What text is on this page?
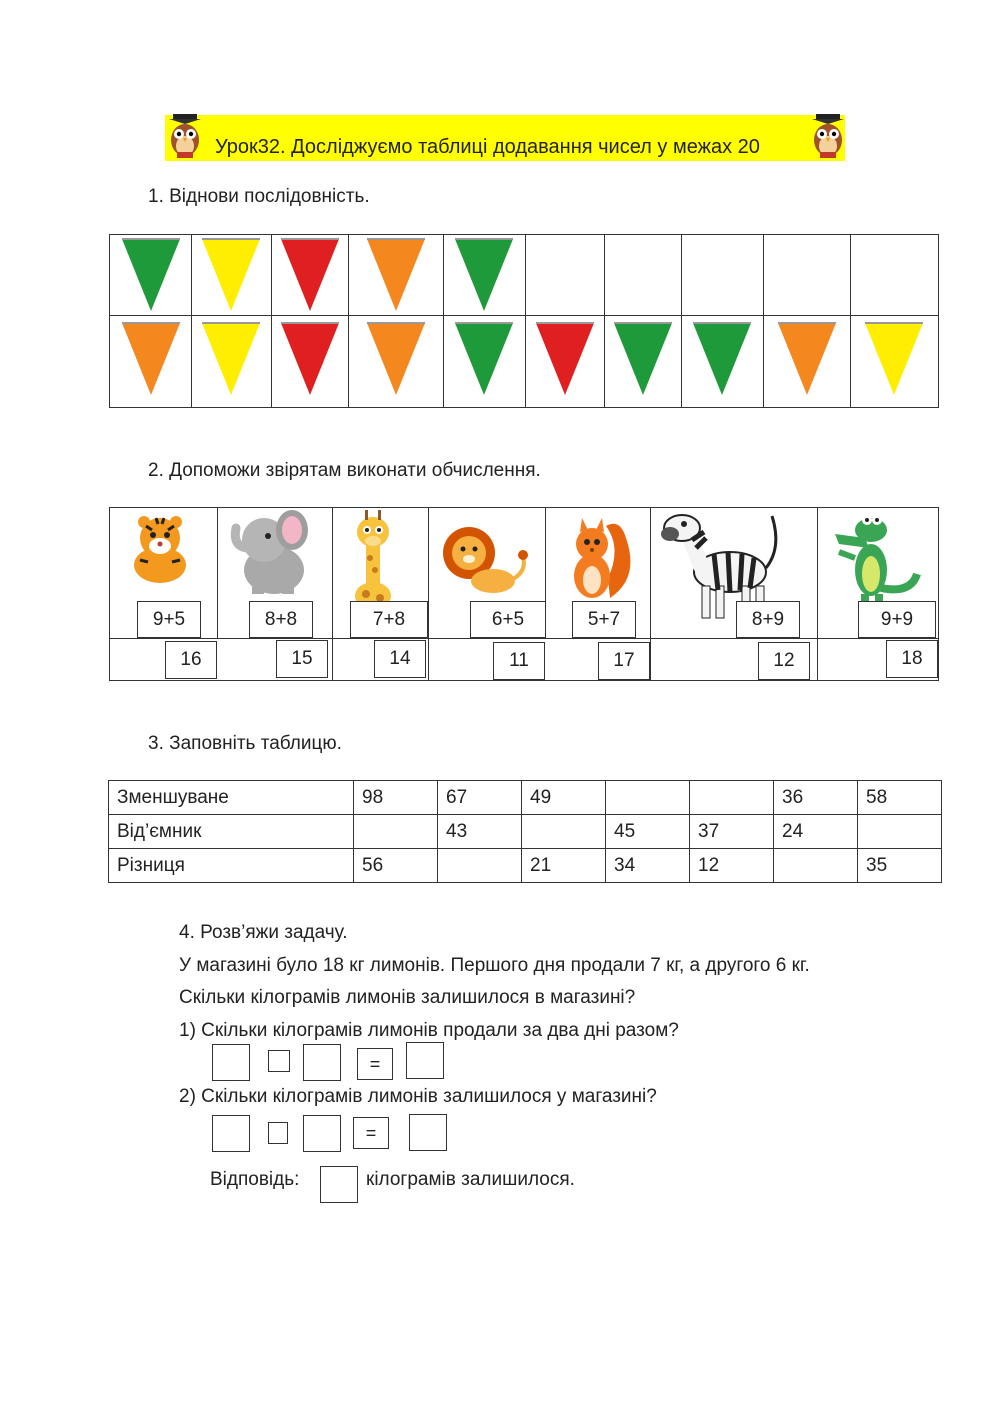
Урок32. Досліджуємо таблиці додавання чисел у межах 20
1. Віднови послідовність.
2. Допоможи звірятам виконати обчислення.
9+5	8+8	7+8	6+5	5+7	8+9	9+9
16	15	14	11	17	12	18
3. Заповніть таблицю.
Зменшуване	98	67	49			36	58
Від’ємник		43		45	37	24	
Різниця	56		21	34	12		35
4. Розв’яжи задачу.
У магазині було 18 кг лимонів. Першого дня продали 7 кг, а другого 6 кг.
Скільки кілограмів лимонів залишилося в магазині?
1) Скільки кілограмів лимонів продали за два дні разом?
=
2) Скільки кілограмів лимонів залишилося у магазині?
=
Відповідь:	кілограмів залишилося.
